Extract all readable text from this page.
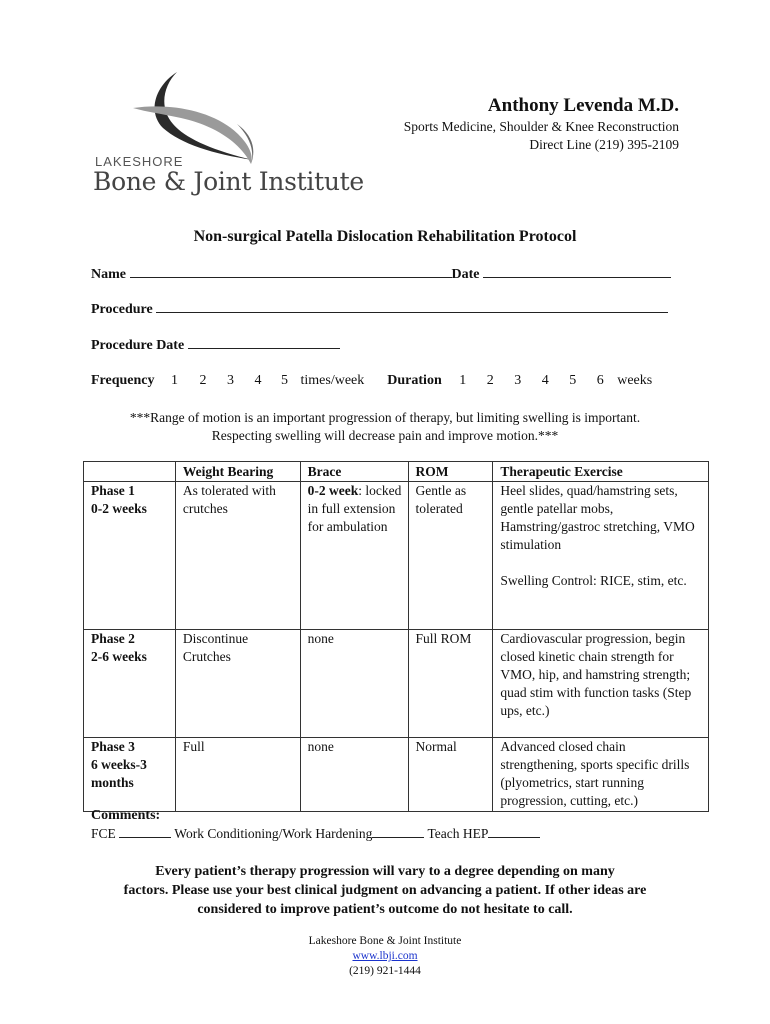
LAKESHORE
Bone & Joint Institute
Anthony Levenda M.D.
Sports Medicine, Shoulder & Knee Reconstruction
Direct Line (219) 395-2109
Non-surgical Patella Dislocation Rehabilitation Protocol
Name	Date
Procedure
Procedure Date
Frequency 1 2 3 4 5 times/week Duration 1 2 3 4 5 6 weeks
***Range of motion is an important progression of therapy, but limiting swelling is important.
Respecting swelling will decrease pain and improve motion.***
	Weight Bearing	Brace	ROM	Therapeutic Exercise
Phase 1
0-2 weeks	As tolerated with crutches	0-2 week: locked in full extension for ambulation	Gentle as tolerated	Heel slides, quad/hamstring sets, gentle patellar mobs, Hamstring/gastroc stretching, VMO stimulation

Swelling Control: RICE, stim, etc.
Phase 2
2-6 weeks	Discontinue Crutches	none	Full ROM	Cardiovascular progression, begin closed kinetic chain strength for VMO, hip, and hamstring strength; quad stim with function tasks (Step ups, etc.)
Phase 3
6 weeks-3 months	Full	none	Normal	Advanced closed chain strengthening, sports specific drills (plyometrics, start running progression, cutting, etc.)
Comments:
FCE	Work Conditioning/Work Hardening	Teach HEP
Every patient’s therapy progression will vary to a degree depending on many
factors. Please use your best clinical judgment on advancing a patient. If other ideas are
considered to improve patient’s outcome do not hesitate to call.
Lakeshore Bone & Joint Institute
www.lbji.com
(219) 921-1444
